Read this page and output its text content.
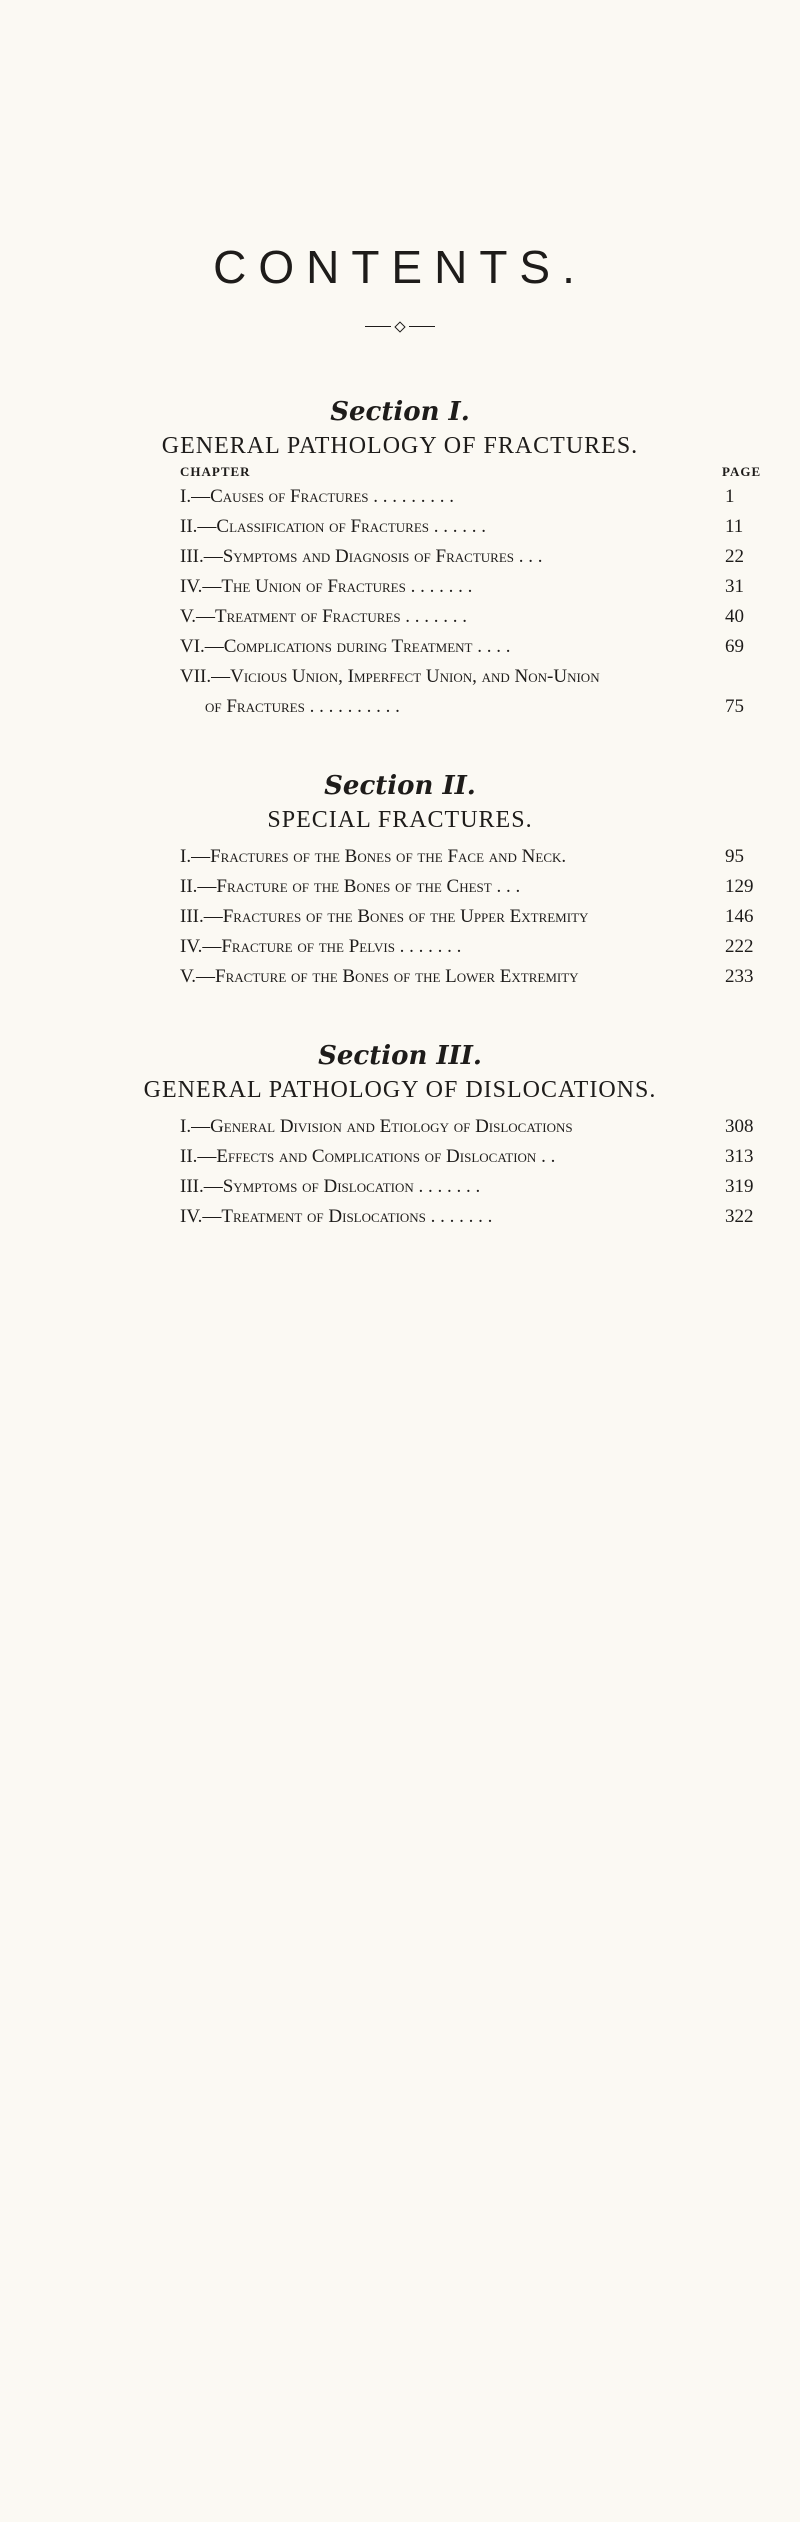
CONTENTS.
Section I.
GENERAL PATHOLOGY OF FRACTURES.
CHAPTER	PAGE
I.—Causes of Fractures . . . . . . . . .	1
II.—Classification of Fractures . . . . . .	11
III.—Symptoms and Diagnosis of Fractures . . .	22
IV.—The Union of Fractures . . . . . . .	31
V.—Treatment of Fractures . . . . . . .	40
VI.—Complications during Treatment . . . .	69
VII.—Vicious Union, Imperfect Union, and Non-Union
of Fractures . . . . . . . . . .	75
Section II.
SPECIAL FRACTURES.
I.—Fractures of the Bones of the Face and Neck.	95
II.—Fracture of the Bones of the Chest . . .	129
III.—Fractures of the Bones of the Upper Extremity	146
IV.—Fracture of the Pelvis . . . . . . .	222
V.—Fracture of the Bones of the Lower Extremity	233
Section III.
GENERAL PATHOLOGY OF DISLOCATIONS.
I.—General Division and Etiology of Dislocations	308
II.—Effects and Complications of Dislocation . .	313
III.—Symptoms of Dislocation . . . . . . .	319
IV.—Treatment of Dislocations . . . . . . .	322
